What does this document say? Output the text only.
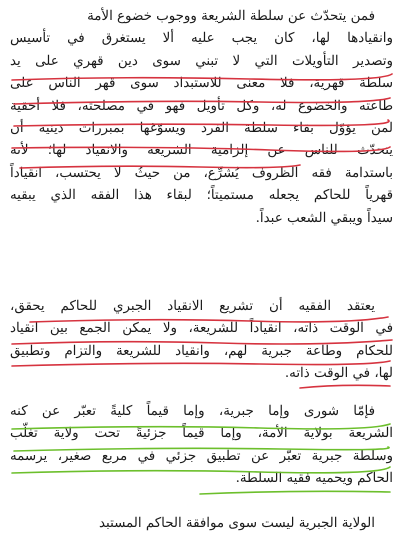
فمن يتحدّث عن سلطة الشريعة ووجوب خضوع الأمة
وانقيادها لها، كان يجب عليه ألا يستغرق في تأسيس
وتصدير التأويلات التي لا تبني سوى دين قهري على يد
سلطة قهرية، فلا معنى للاستبداد سوى قهر الناس على
طاعته والخضوع له، وكل تأويل فهو في مصلحته، فلا أحقية
لمن يؤوّل بقاء سلطة الفرد ويسوّغها بمبررات دينية أن
يتحدّث للناس عن إلزامية الشريعة والانقياد لها؛ لأنه
باستدامة فقه الظروف يُشرِّع، من حيثُ لا يحتسب، انقياداً
قهرياً للحاكم يجعله مستميتاً؛ لبقاء هذا الفقه الذي يبقيه
سيداً ويبقي الشعب عبداً.

يعتقد الفقيه أن تشريع الانقياد الجبري للحاكم يحقق،
في الوقت ذاته، انقياداً للشريعة، ولا يمكن الجمع بين انقياد
للحكام وطاعة جبرية لهم، وانقياد للشريعة والتزام وتطبيق
لها، في الوقت ذاته.

فإمّا شورى وإما جبرية، وإما قيماً كليةً تعبّر عن كنه
الشريعة بولاية الأمة، وإما قيماً جزئيةً تحت ولاية تغلّب
وسلطة جبرية تعبّر عن تطبيق جزئي في مربع صغير، يرسمه
الحاكم ويحميه فقيه السلطة.

الولاية الجبرية ليست سوى موافقة الحاكم المستبد
